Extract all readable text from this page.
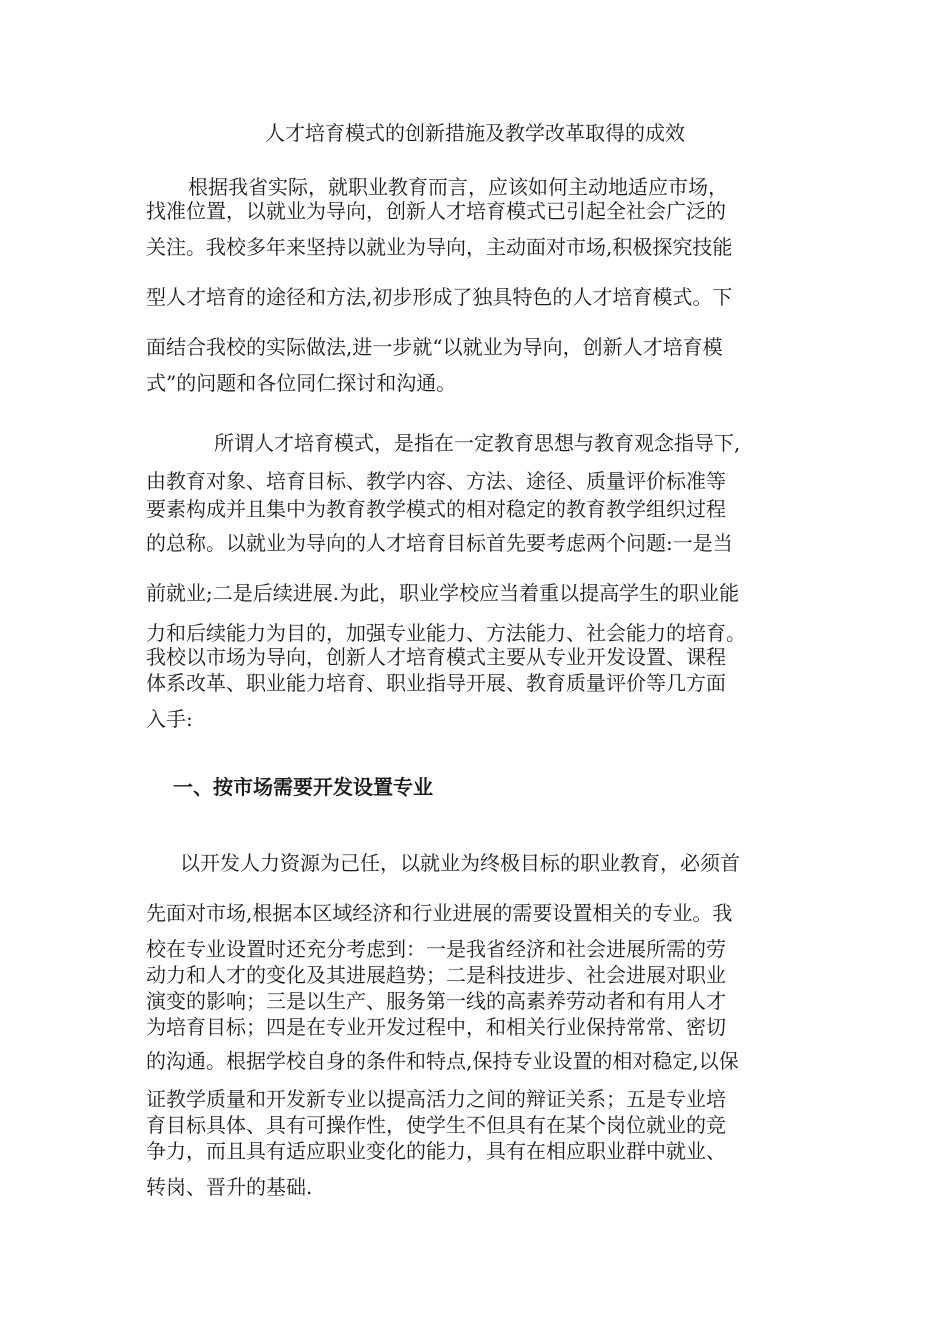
人才培育模式的创新措施及教学改革取得的成效

根据我省实际，就职业教育而言，应该如何主动地适应市场，

找准位置，以就业为导向，创新人才培育模式已引起全社会广泛的

关注。我校多年来坚持以就业为导向，主动面对市场,积极探究技能

型人才培育的途径和方法,初步形成了独具特色的人才培育模式。下

面结合我校的实际做法,进一步就“以就业为导向，创新人才培育模

式”的问题和各位同仁探讨和沟通。

所谓人才培育模式，是指在一定教育思想与教育观念指导下,

由教育对象、培育目标、教学内容、方法、途径、质量评价标准等

要素构成并且集中为教育教学模式的相对稳定的教育教学组织过程

的总称。以就业为导向的人才培育目标首先要考虑两个问题:一是当

前就业;二是后续进展.为此，职业学校应当着重以提高学生的职业能

力和后续能力为目的，加强专业能力、方法能力、社会能力的培育。

我校以市场为导向，创新人才培育模式主要从专业开发设置、课程

体系改革、职业能力培育、职业指导开展、教育质量评价等几方面

入手:

一、按市场需要开发设置专业

以开发人力资源为己任，以就业为终极目标的职业教育，必须首

先面对市场,根据本区域经济和行业进展的需要设置相关的专业。我

校在专业设置时还充分考虑到：一是我省经济和社会进展所需的劳

动力和人才的变化及其进展趋势；二是科技进步、社会进展对职业

演变的影响；三是以生产、服务第一线的高素养劳动者和有用人才

为培育目标；四是在专业开发过程中，和相关行业保持常常、密切

的沟通。根据学校自身的条件和特点,保持专业设置的相对稳定,以保

证教学质量和开发新专业以提高活力之间的辩证关系；五是专业培

育目标具体、具有可操作性，使学生不但具有在某个岗位就业的竞

争力，而且具有适应职业变化的能力，具有在相应职业群中就业、

转岗、晋升的基础.
